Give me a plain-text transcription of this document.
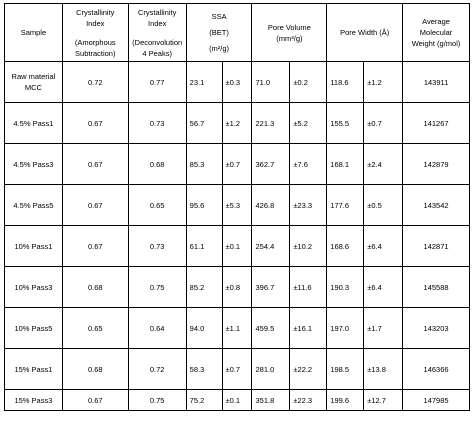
Sample	Crystallinity
Index
(Amorphous
Subtraction)	Crystallinity
Index
(Deconvolution
4 Peaks)	SSA
(BET)
(m²/g)		Pore Volume
(mm³/g)		Pore Width (Å)		Average Molecular
Weight (g/mol)

Raw material MCC	0.72	0.77	23.1	±0.3	71.0	±0.2	118.6	±1.2	143911
4.5% Pass1	0.67	0.73	56.7	±1.2	221.3	±5.2	155.5	±0.7	141267
4.5% Pass3	0.67	0.68	85.3	±0.7	362.7	±7.6	168.1	±2.4	142879
4.5% Pass5	0.67	0.65	95.6	±5.3	426.8	±23.3	177.6	±0.5	143542
10% Pass1	0.67	0.73	61.1	±0.1	254.4	±10.2	168.6	±6.4	142871
10% Pass3	0.68	0.75	85.2	±0.8	396.7	±11.6	190.3	±6.4	145588
10% Pass5	0.65	0.64	94.0	±1.1	459.5	±16.1	197.0	±1.7	143203
15% Pass1	0.68	0.72	58.3	±0.7	281.0	±22.2	198.5	±13.8	146366
15% Pass3	0.67	0.75	75.2	±0.1	351.8	±22.3	199.6	±12.7	147985
